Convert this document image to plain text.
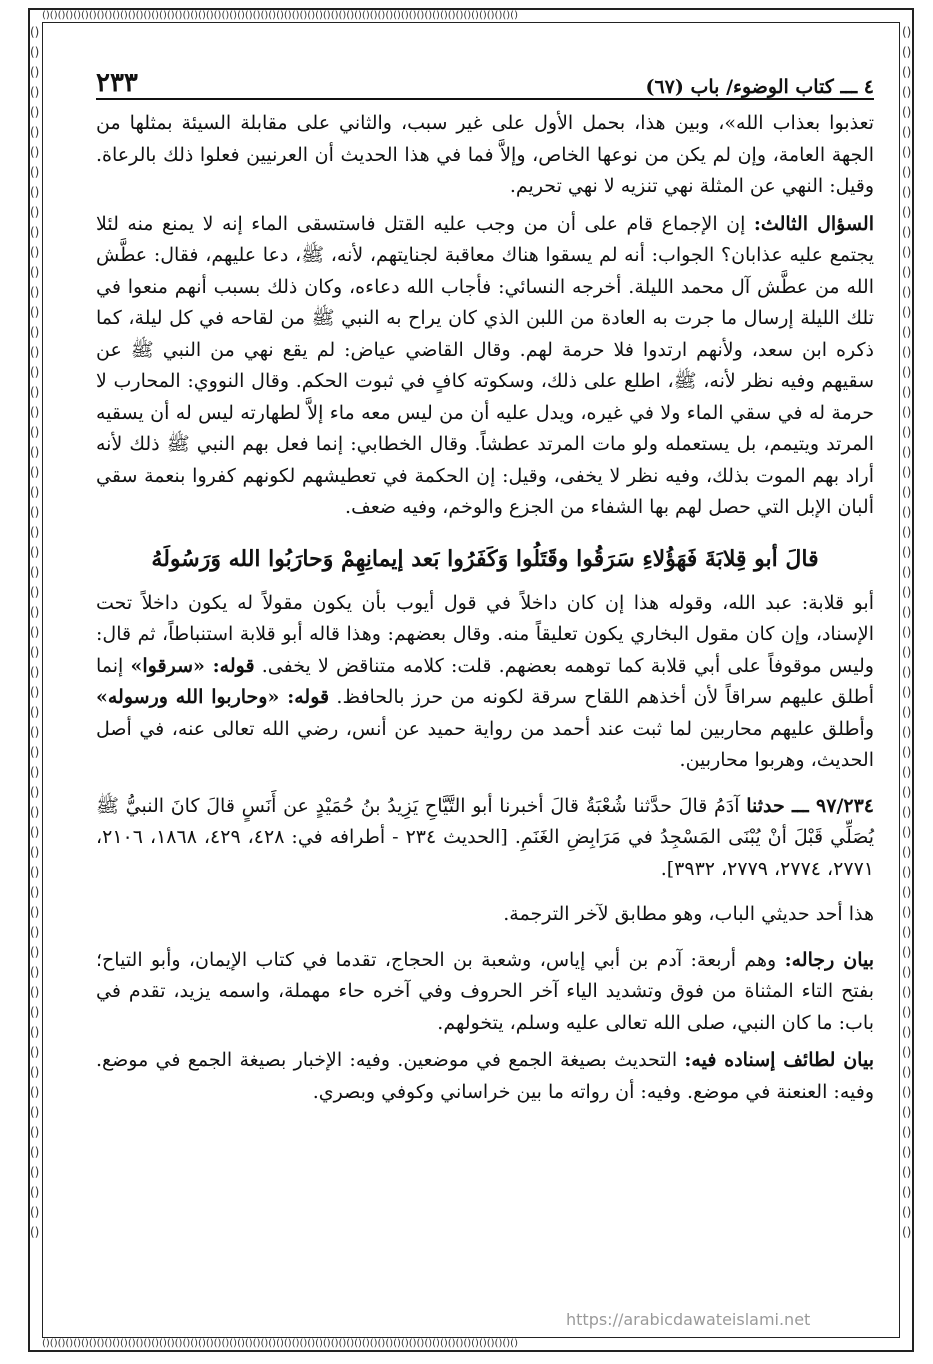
()()()()()()()()()()()()()()()()()()()()()()()()()()()()()()()()()()()()()()()()()()()()()()()()()()()()()()()()()()()()()
()()()()()()()()()()()()()()()()()()()()()()()()()()()()()()()()()()()()()()()()()()()()()()()()()()()()()()()()()()()()()
()()()()()()()()()()()()()()()()()()()()()()()()()()()()()()()()()()()()()()()()()()()()()()()()()()()()()()()()()()()()()
()()()()()()()()()()()()()()()()()()()()()()()()()()()()()()()()()()()()()()()()()()()()()()()()()()()()()()()()()()()()()
٤ ـــ كتاب الوضوء/ باب (٦٧)
٢٣٣

تعذبوا بعذاب الله»، وبين هذا، بحمل الأول على غير سبب، والثاني على مقابلة السيئة بمثلها من الجهة العامة، وإن لم يكن من نوعها الخاص، وإلاَّ فما في هذا الحديث أن العرنيين فعلوا ذلك بالرعاة. وقيل: النهي عن المثلة نهي تنزيه لا نهي تحريم.

السؤال الثالث: إن الإجماع قام على أن من وجب عليه القتل فاستسقى الماء إنه لا يمنع منه لئلا يجتمع عليه عذابان؟ الجواب: أنه لم يسقوا هناك معاقبة لجنايتهم، لأنه، ﷺ، دعا عليهم، فقال: عطَّش الله من عطَّش آل محمد الليلة. أخرجه النسائي: فأجاب الله دعاءه، وكان ذلك بسبب أنهم منعوا في تلك الليلة إرسال ما جرت به العادة من اللبن الذي كان يراح به النبي ﷺ من لقاحه في كل ليلة، كما ذكره ابن سعد، ولأنهم ارتدوا فلا حرمة لهم. وقال القاضي عياض: لم يقع نهي من النبي ﷺ عن سقيهم وفيه نظر لأنه، ﷺ، اطلع على ذلك، وسكوته كافٍ في ثبوت الحكم. وقال النووي: المحارب لا حرمة له في سقي الماء ولا في غيره، ويدل عليه أن من ليس معه ماء إلاَّ لطهارته ليس له أن يسقيه المرتد ويتيمم، بل يستعمله ولو مات المرتد عطشاً. وقال الخطابي: إنما فعل بهم النبي ﷺ ذلك لأنه أراد بهم الموت بذلك، وفيه نظر لا يخفى، وقيل: إن الحكمة في تعطيشهم لكونهم كفروا بنعمة سقي ألبان الإبل التي حصل لهم بها الشفاء من الجزع والوخم، وفيه ضعف.

قالَ أبو قِلابَةَ فَهَؤُلاءِ سَرَقُوا وقَتَلُوا وَكَفَرُوا بَعد إيمانِهِمْ وَحارَبُوا الله وَرَسُولَهُ

أبو قلابة: عبد الله، وقوله هذا إن كان داخلاً في قول أيوب بأن يكون مقولاً له يكون داخلاً تحت الإسناد، وإن كان مقول البخاري يكون تعليقاً منه. وقال بعضهم: وهذا قاله أبو قلابة استنباطاً، ثم قال: وليس موقوفاً على أبي قلابة كما توهمه بعضهم. قلت: كلامه متناقض لا يخفى. قوله: «سرقوا» إنما أطلق عليهم سراقاً لأن أخذهم اللقاح سرقة لكونه من حرز بالحافظ. قوله: «وحاربوا الله ورسوله» وأطلق عليهم محاربين لما ثبت عند أحمد من رواية حميد عن أنس، رضي الله تعالى عنه، في أصل الحديث، وهربوا محاربين.

٩٧/٢٣٤ ـــ حدثنا آدَمُ قالَ حدَّثنا شُعْبَةُ قالَ أخبرنا أبو التَّيَّاحِ يَزِيدُ بنُ حُمَيْدٍ عن أَنَسٍ قالَ كانَ النبيُّ ﷺ يُصَلِّي قَبْلَ أنْ يُبْنَى المَسْجِدُ في مَرَابِضِ الغَنَمِ. [الحديث ٢٣٤ - أطرافه في: ٤٢٨، ٤٢٩، ١٨٦٨، ٢١٠٦، ٢٧٧١، ٢٧٧٤، ٢٧٧٩، ٣٩٣٢].

هذا أحد حديثي الباب، وهو مطابق لآخر الترجمة.

بيان رجاله: وهم أربعة: آدم بن أبي إياس، وشعبة بن الحجاج، تقدما في كتاب الإيمان، وأبو التياح؛ بفتح التاء المثناة من فوق وتشديد الياء آخر الحروف وفي آخره حاء مهملة، واسمه يزيد، تقدم في باب: ما كان النبي، صلى الله تعالى عليه وسلم، يتخولهم.

بيان لطائف إسناده فيه: التحديث بصيغة الجمع في موضعين. وفيه: الإخبار بصيغة الجمع في موضع. وفيه: العنعنة في موضع. وفيه: أن رواته ما بين خراساني وكوفي وبصري.

https://arabicdawateislami.net
